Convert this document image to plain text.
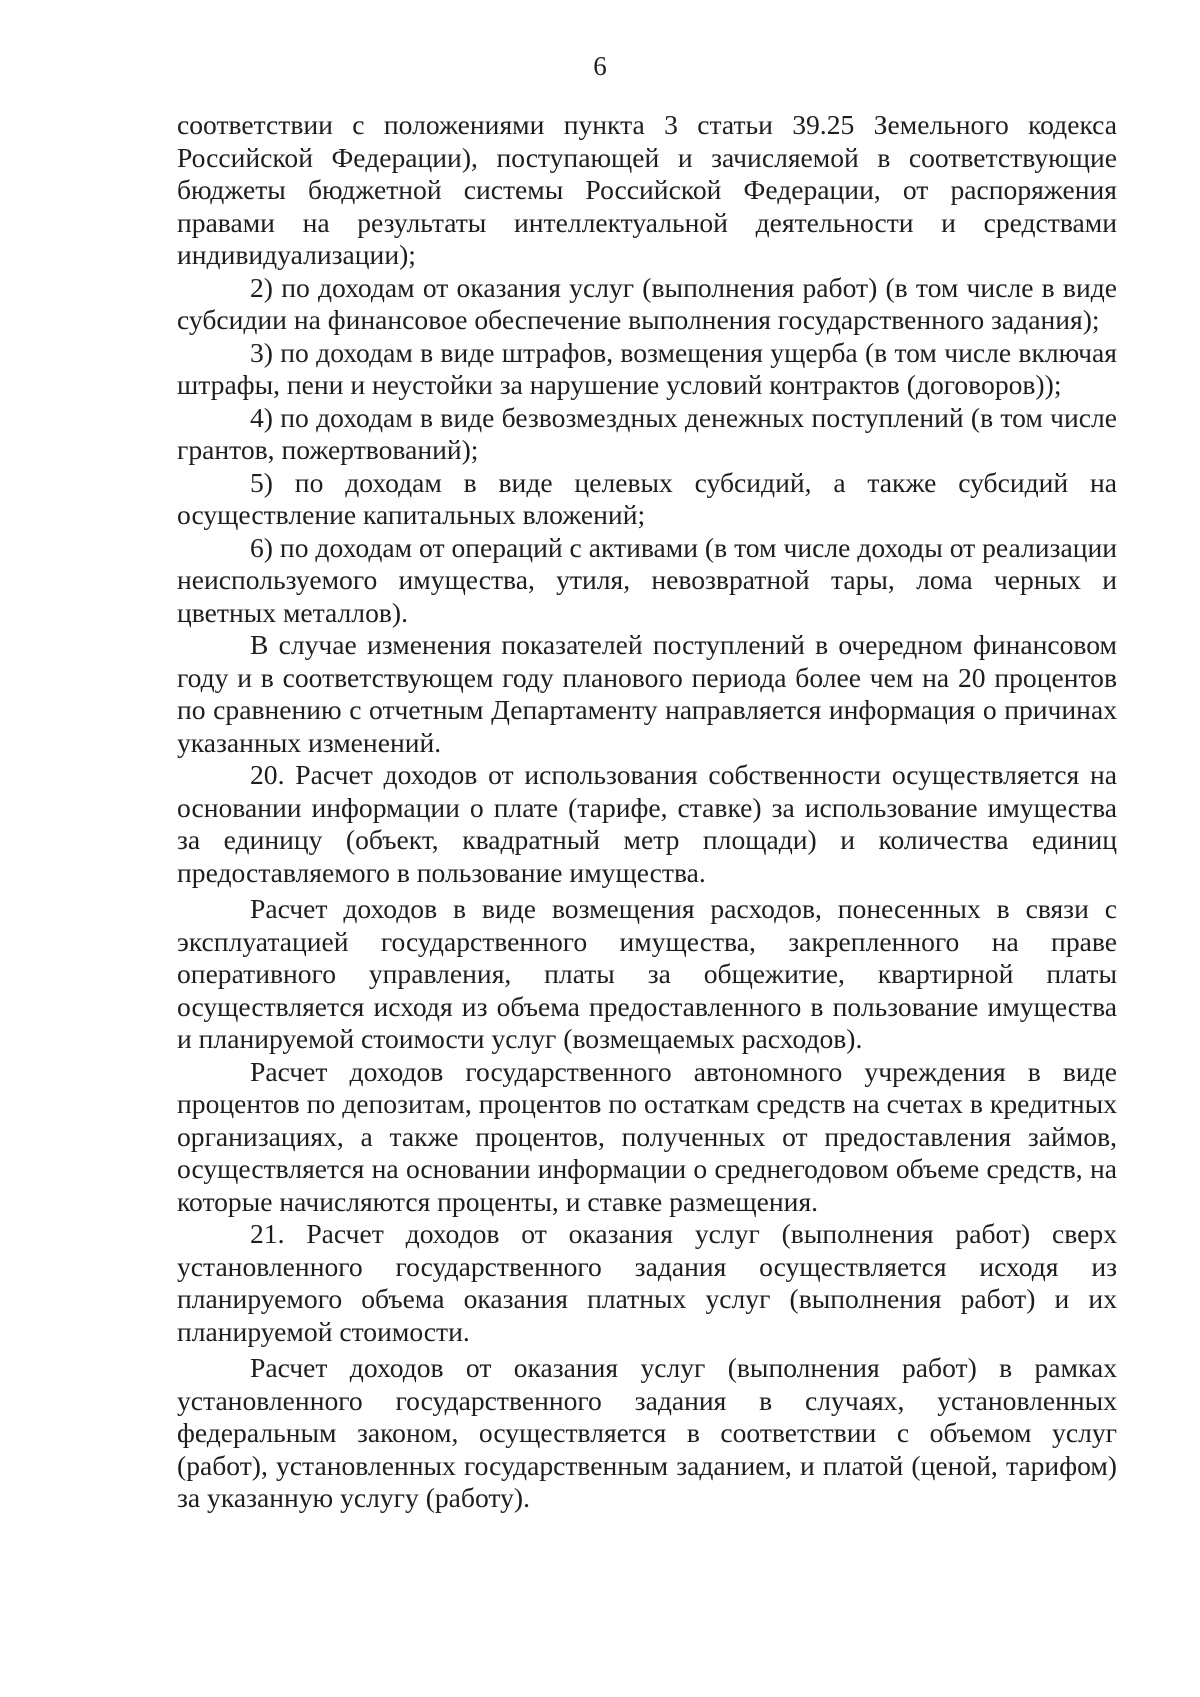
6

соответствии с положениями пункта 3 статьи 39.25 Земельного кодекса Российской Федерации), поступающей и зачисляемой в соответствующие бюджеты бюджетной системы Российской Федерации, от распоряжения правами на результаты интеллектуальной деятельности и средствами индивидуализации);

2) по доходам от оказания услуг (выполнения работ) (в том числе в виде субсидии на финансовое обеспечение выполнения государственного задания);

3) по доходам в виде штрафов, возмещения ущерба (в том числе включая штрафы, пени и неустойки за нарушение условий контрактов (договоров));

4) по доходам в виде безвозмездных денежных поступлений (в том числе грантов, пожертвований);

5) по доходам в виде целевых субсидий, а также субсидий на осуществление капитальных вложений;

6) по доходам от операций с активами (в том числе доходы от реализации неиспользуемого имущества, утиля, невозвратной тары, лома черных и цветных металлов).

В случае изменения показателей поступлений в очередном финансовом году и в соответствующем году планового периода более чем на 20 процентов по сравнению с отчетным Департаменту направляется информация о причинах указанных изменений.

20. Расчет доходов от использования собственности осуществляется на основании информации о плате (тарифе, ставке) за использование имущества за единицу (объект, квадратный метр площади) и количества единиц предоставляемого в пользование имущества.

Расчет доходов в виде возмещения расходов, понесенных в связи с эксплуатацией государственного имущества, закрепленного на праве оперативного управления, платы за общежитие, квартирной платы осуществляется исходя из объема предоставленного в пользование имущества и планируемой стоимости услуг (возмещаемых расходов).

Расчет доходов государственного автономного учреждения в виде процентов по депозитам, процентов по остаткам средств на счетах в кредитных организациях, а также процентов, полученных от предоставления займов, осуществляется на основании информации о среднегодовом объеме средств, на которые начисляются проценты, и ставке размещения.

21. Расчет доходов от оказания услуг (выполнения работ) сверх установленного государственного задания осуществляется исходя из планируемого объема оказания платных услуг (выполнения работ) и их планируемой стоимости.

Расчет доходов от оказания услуг (выполнения работ) в рамках установленного государственного задания в случаях, установленных федеральным законом, осуществляется в соответствии с объемом услуг (работ), установленных государственным заданием, и платой (ценой, тарифом) за указанную услугу (работу).
